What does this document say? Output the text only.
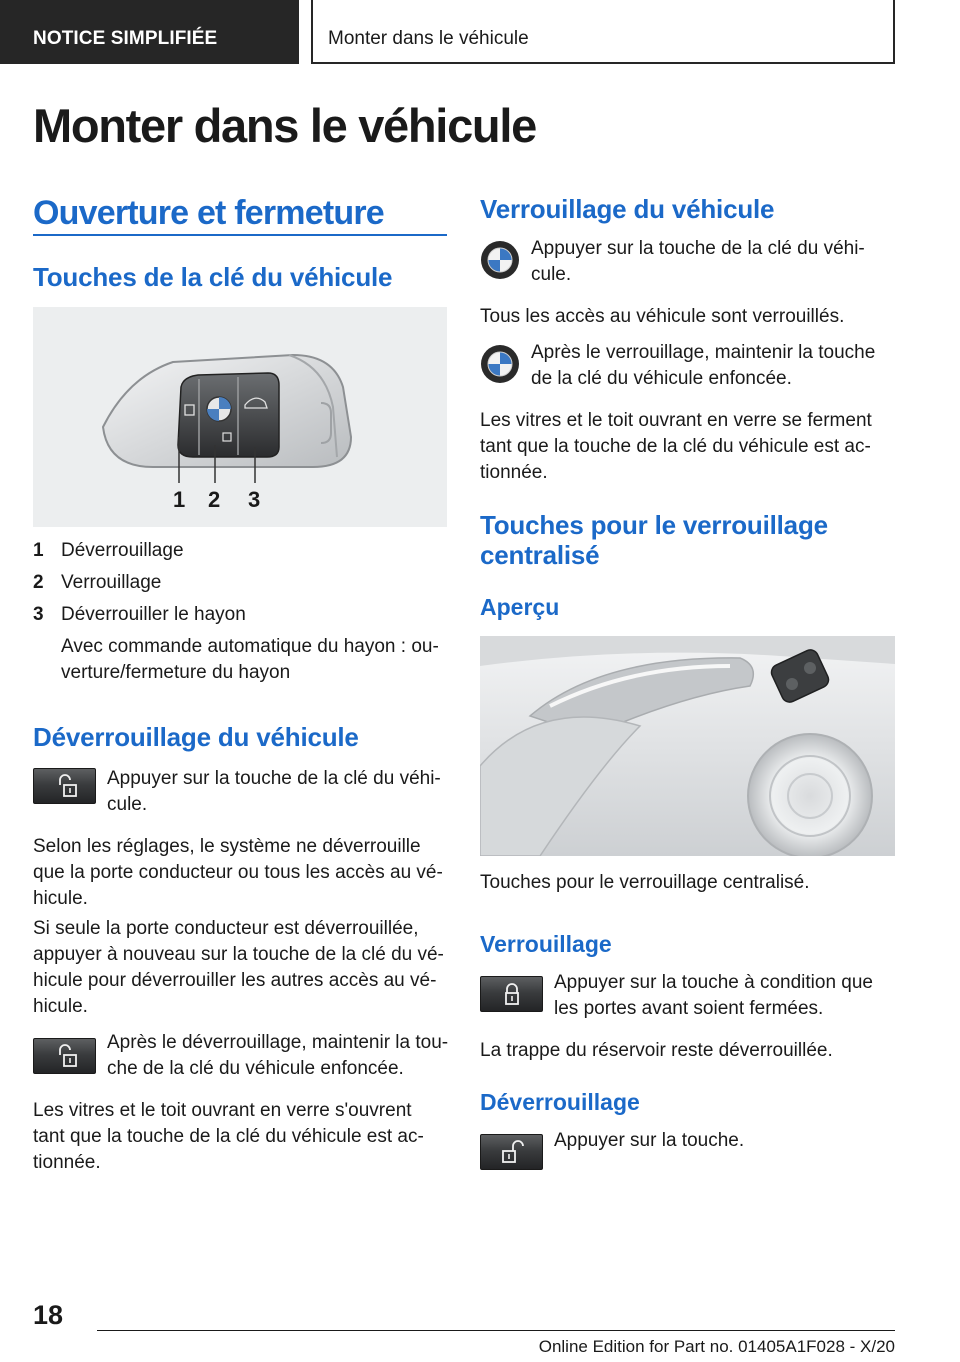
NOTICE SIMPLIFIÉE	Monter dans le véhicule
Monter dans le véhicule
Ouverture et fermeture
Touches de la clé du véhicule
1 2 3
1 Déverrouillage
2 Verrouillage
3 Déverrouiller le hayon
Avec commande automatique du hayon : ou-
verture/fermeture du hayon
Déverrouillage du véhicule
Appuyer sur la touche de la clé du véhi-
cule.
Selon les réglages, le système ne déverrouille
que la porte conducteur ou tous les accès au vé-
hicule.
Si seule la porte conducteur est déverrouillée,
appuyer à nouveau sur la touche de la clé du vé-
hicule pour déverrouiller les autres accès au vé-
hicule.
Après le déverrouillage, maintenir la tou-
che de la clé du véhicule enfoncée.
Les vitres et le toit ouvrant en verre s'ouvrent
tant que la touche de la clé du véhicule est ac-
tionnée.
Verrouillage du véhicule
Appuyer sur la touche de la clé du véhi-
cule.
Tous les accès au véhicule sont verrouillés.
Après le verrouillage, maintenir la touche
de la clé du véhicule enfoncée.
Les vitres et le toit ouvrant en verre se ferment
tant que la touche de la clé du véhicule est ac-
tionnée.
Touches pour le verrouillage
centralisé
Aperçu
Touches pour le verrouillage centralisé.
Verrouillage
Appuyer sur la touche à condition que
les portes avant soient fermées.
La trappe du réservoir reste déverrouillée.
Déverrouillage
Appuyer sur la touche.
18
Online Edition for Part no. 01405A1F028 - X/20
